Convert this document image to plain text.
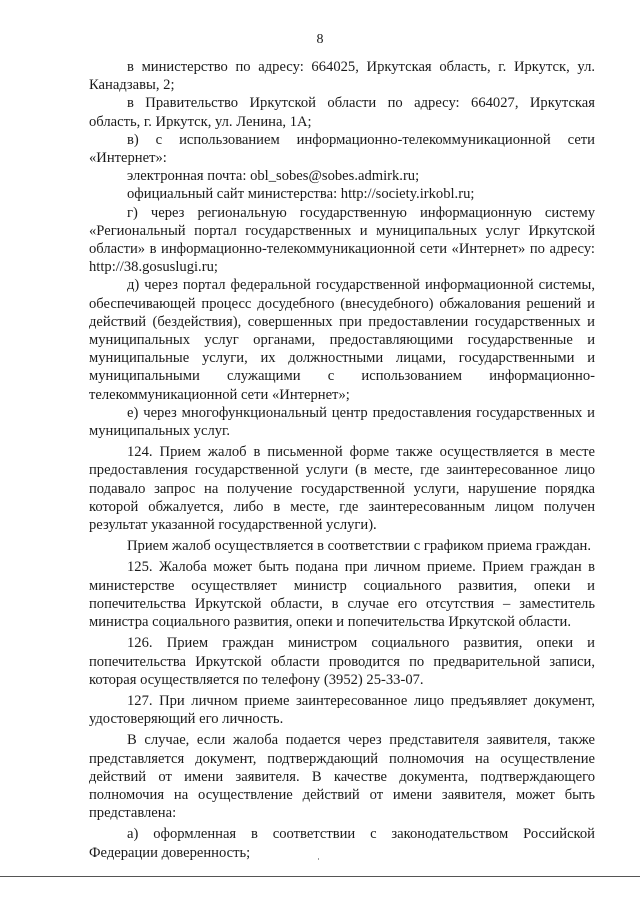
8

в министерство по адресу: 664025, Иркутская область, г. Иркутск, ул. Канадзавы, 2;

в Правительство Иркутской области по адресу: 664027, Иркутская область, г. Иркутск, ул. Ленина, 1А;

в) с использованием информационно-телекоммуникационной сети «Интернет»:

электронная почта: obl_sobes@sobes.admirk.ru;

официальный сайт министерства: http://society.irkobl.ru;

г) через региональную государственную информационную систему «Региональный портал государственных и муниципальных услуг Иркутской области» в информационно-телекоммуникационной сети «Интернет» по адресу: http://38.gosuslugi.ru;

д) через портал федеральной государственной информационной системы, обеспечивающей процесс досудебного (внесудебного) обжалования решений и действий (бездействия), совершенных при предоставлении государственных и муниципальных услуг органами, предоставляющими государственные и муниципальные услуги, их должностными лицами, государственными и муниципальными служащими с использованием информационно-телекоммуникационной сети «Интернет»;

е) через многофункциональный центр предоставления государственных и муниципальных услуг.

124. Прием жалоб в письменной форме также осуществляется в месте предоставления государственной услуги (в месте, где заинтересованное лицо подавало запрос на получение государственной услуги, нарушение порядка которой обжалуется, либо в месте, где заинтересованным лицом получен результат указанной государственной услуги).

Прием жалоб осуществляется в соответствии с графиком приема граждан.

125. Жалоба может быть подана при личном приеме. Прием граждан в министерстве осуществляет министр социального развития, опеки и попечительства Иркутской области, в случае его отсутствия – заместитель министра социального развития, опеки и попечительства Иркутской области.

126. Прием граждан министром социального развития, опеки и попечительства Иркутской области проводится по предварительной записи, которая осуществляется по телефону (3952) 25-33-07.

127. При личном приеме заинтересованное лицо предъявляет документ, удостоверяющий его личность.

В случае, если жалоба подается через представителя заявителя, также представляется документ, подтверждающий полномочия на осуществление действий от имени заявителя. В качестве документа, подтверждающего полномочия на осуществление действий от имени заявителя, может быть представлена:

а) оформленная в соответствии с законодательством Российской Федерации доверенность;
